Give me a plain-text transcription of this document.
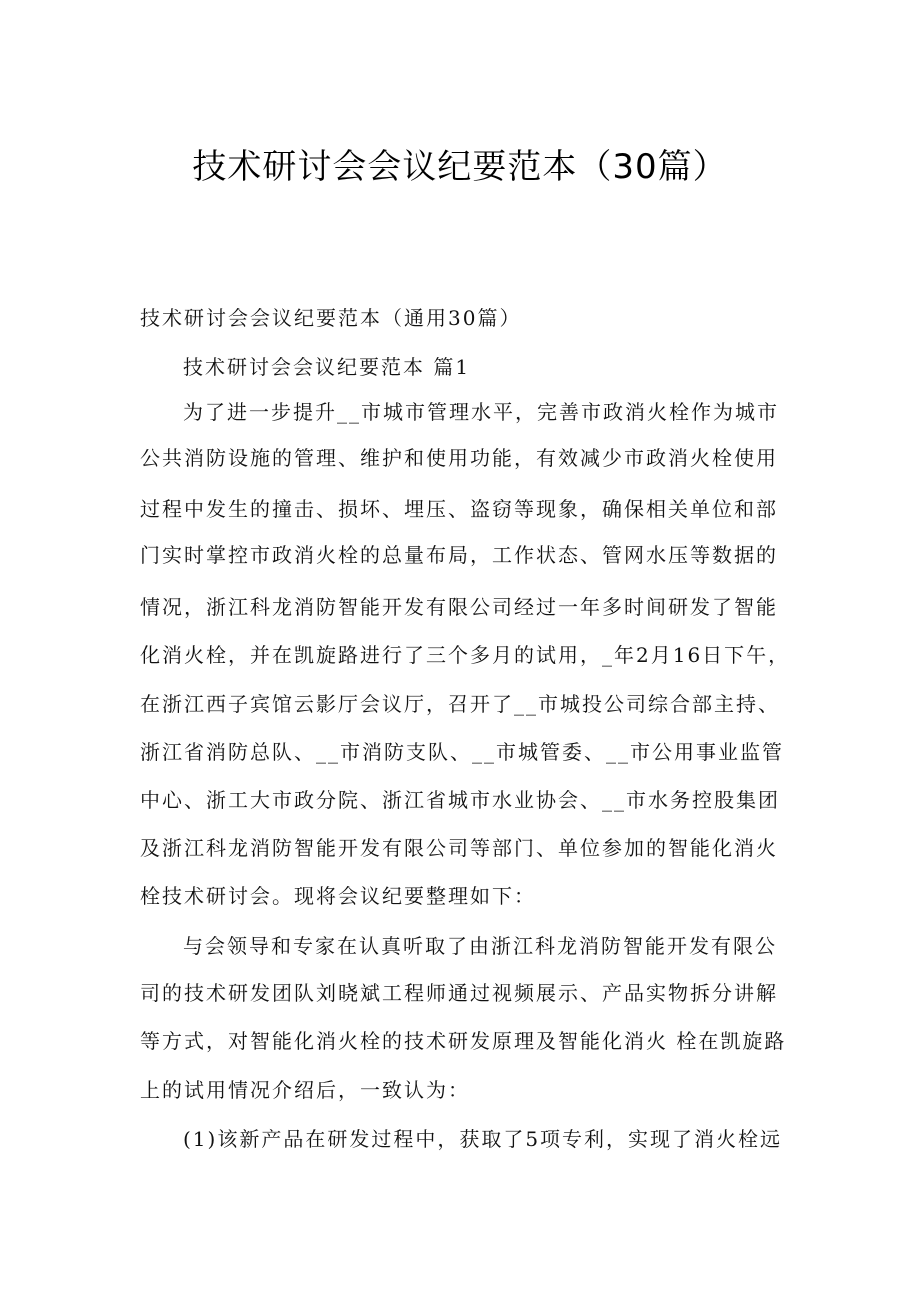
技术研讨会会议纪要范本（30篇）
技术研讨会会议纪要范本（通用30篇）
技术研讨会会议纪要范本 篇1
为了进一步提升__市城市管理水平，完善市政消火栓作为城市
公共消防设施的管理、维护和使用功能，有效减少市政消火栓使用
过程中发生的撞击、损坏、埋压、盗窃等现象，确保相关单位和部
门实时掌控市政消火栓的总量布局，工作状态、管网水压等数据的
情况，浙江科龙消防智能开发有限公司经过一年多时间研发了智能
化消火栓，并在凯旋路进行了三个多月的试用，_年2月16日下午，
在浙江西子宾馆云影厅会议厅，召开了__市城投公司综合部主持、
浙江省消防总队、__市消防支队、__市城管委、__市公用事业监管
中心、浙工大市政分院、浙江省城市水业协会、__市水务控股集团
及浙江科龙消防智能开发有限公司等部门、单位参加的智能化消火
栓技术研讨会。现将会议纪要整理如下：
与会领导和专家在认真听取了由浙江科龙消防智能开发有限公
司的技术研发团队刘晓斌工程师通过视频展示、产品实物拆分讲解
等方式，对智能化消火栓的技术研发原理及智能化消火 栓在凯旋路
上的试用情况介绍后，一致认为：
(1)该新产品在研发过程中，获取了5项专利，实现了消火栓远
